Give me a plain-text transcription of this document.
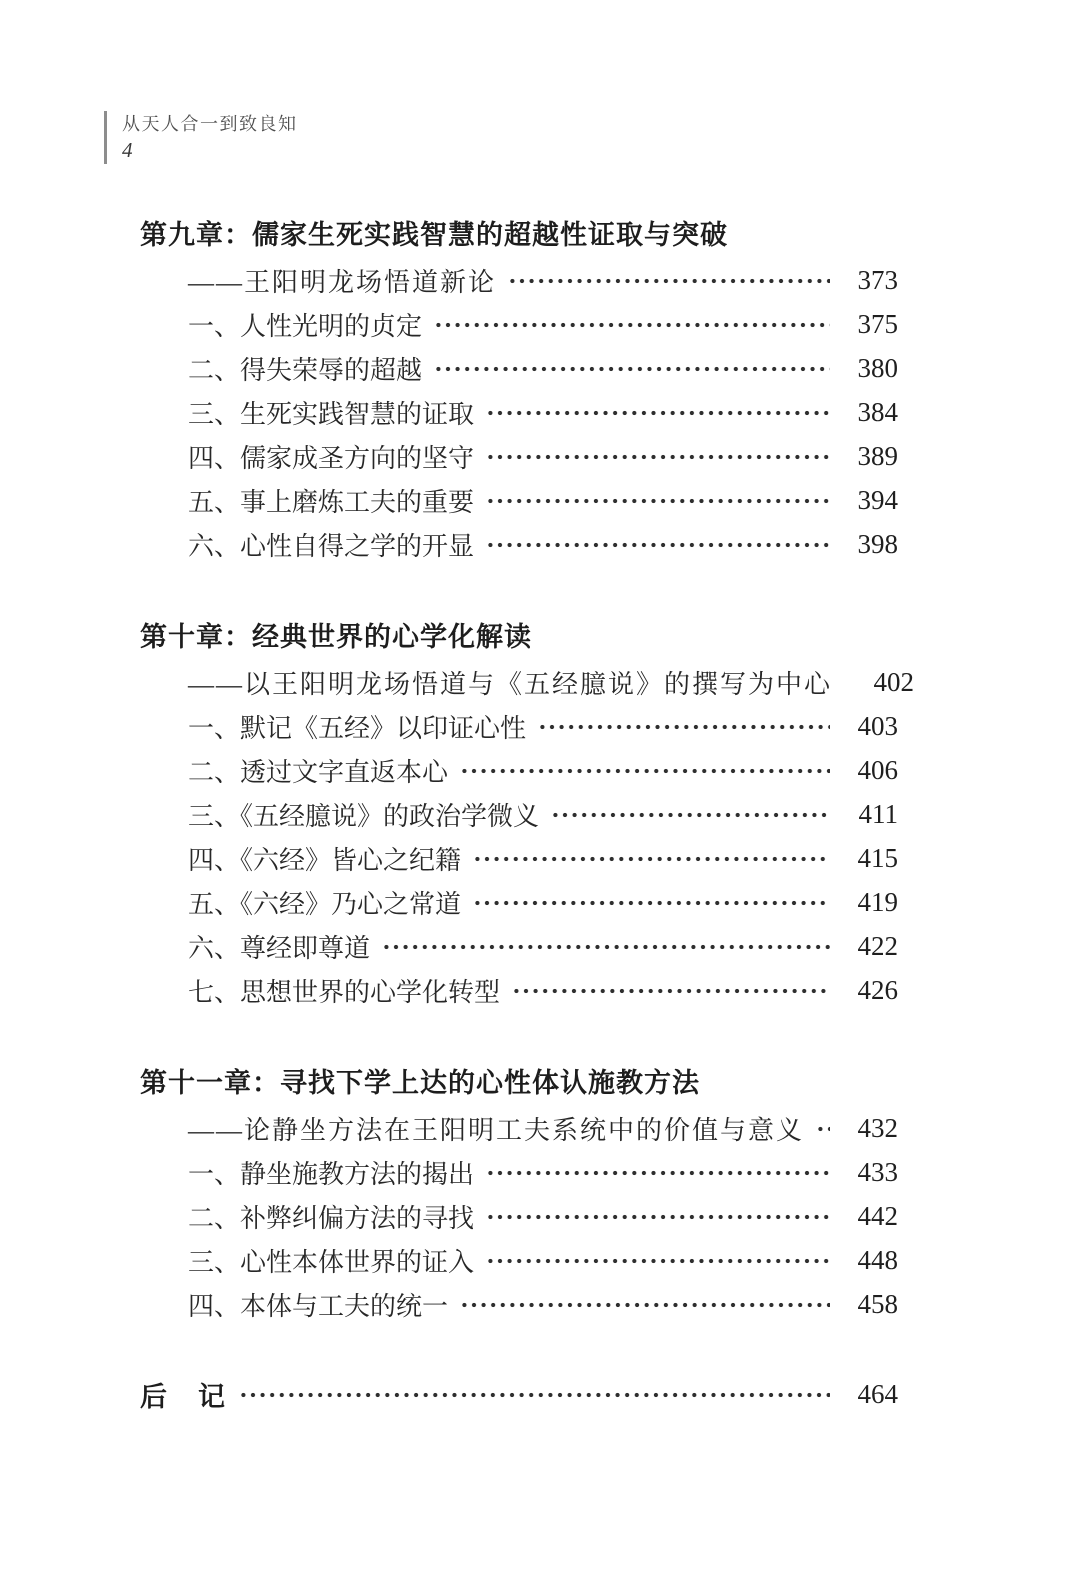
从天人合一到致良知
4
第九章：儒家生死实践智慧的超越性证取与突破
——王阳明龙场悟道新论	373
一、人性光明的贞定	375
二、得失荣辱的超越	380
三、生死实践智慧的证取	384
四、儒家成圣方向的坚守	389
五、事上磨炼工夫的重要	394
六、心性自得之学的开显	398
第十章：经典世界的心学化解读
——以王阳明龙场悟道与《五经臆说》的撰写为中心	402
一、默记《五经》以印证心性	403
二、透过文字直返本心	406
三、《五经臆说》的政治学微义	411
四、《六经》皆心之纪籍	415
五、《六经》乃心之常道	419
六、尊经即尊道	422
七、思想世界的心学化转型	426
第十一章：寻找下学上达的心性体认施教方法
——论静坐方法在王阳明工夫系统中的价值与意义	432
一、静坐施教方法的揭出	433
二、补弊纠偏方法的寻找	442
三、心性本体世界的证入	448
四、本体与工夫的统一	458
后　记	464
